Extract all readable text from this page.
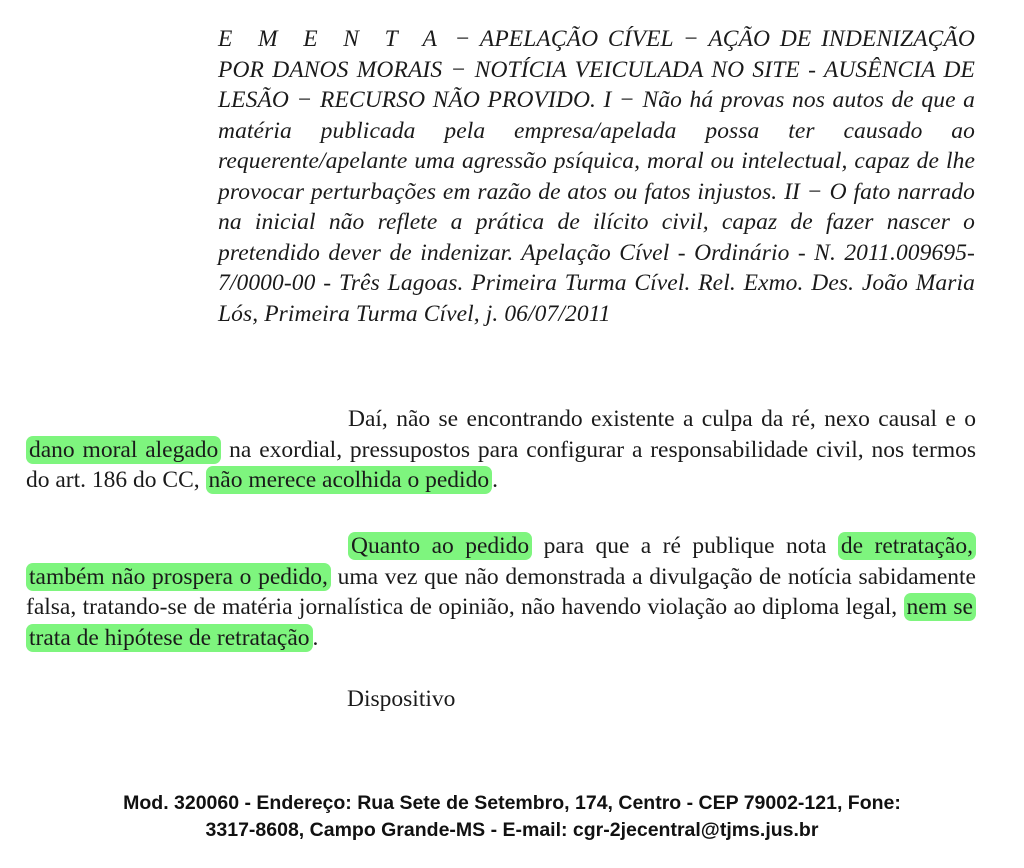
E M E N T A − APELAÇÃO CÍVEL − AÇÃO DE INDENIZAÇÃO POR DANOS MORAIS − NOTÍCIA VEICULADA NO SITE - AUSÊNCIA DE LESÃO − RECURSO NÃO PROVIDO. I − Não há provas nos autos de que a matéria publicada pela empresa/apelada possa ter causado ao requerente/apelante uma agressão psíquica, moral ou intelectual, capaz de lhe provocar perturbações em razão de atos ou fatos injustos. II − O fato narrado na inicial não reflete a prática de ilícito civil, capaz de fazer nascer o pretendido dever de indenizar. Apelação Cível - Ordinário - N. 2011.009695-7/0000-00 - Três Lagoas. Primeira Turma Cível. Rel. Exmo. Des. João Maria Lós, Primeira Turma Cível, j. 06/07/2011

Daí, não se encontrando existente a culpa da ré, nexo causal e o dano moral alegado na exordial, pressupostos para configurar a responsabilidade civil, nos termos do art. 186 do CC, não merece acolhida o pedido .

Quanto ao pedido para que a ré publique nota de retratação, também não prospera o pedido, uma vez que não demonstrada a divulgação de notícia sabidamente falsa, tratando-se de matéria jornalística de opinião, não havendo violação ao diploma legal, nem se trata de hipótese de retratação .

Dispositivo
Mod. 320060 - Endereço: Rua Sete de Setembro, 174, Centro - CEP 79002-121, Fone:
3317-8608, Campo Grande-MS - E-mail: cgr-2jecentral@tjms.jus.br
